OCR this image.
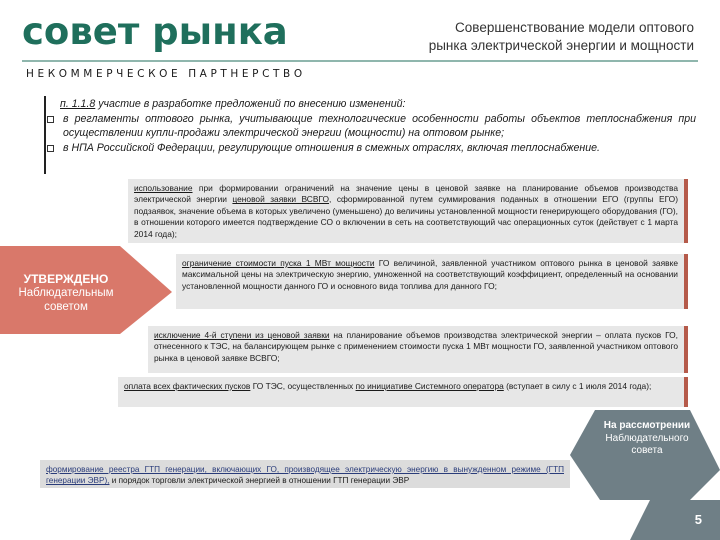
совет рынка
НЕКОММЕРЧЕСКОЕ ПАРТНЕРСТВО
Совершенствование модели оптового
рынка электрической энергии и мощности
п. 1.1.8 участие в разработке предложений по внесению изменений:
в регламенты оптового рынка, учитывающие технологические особенности работы объектов теплоснабжения при осуществлении купли-продажи электрической энергии (мощности) на оптовом рынке;
в НПА Российской Федерации, регулирующие отношения в смежных отраслях, включая теплоснабжение.
УТВЕРЖДЕНО
Наблюдательным
советом
использование при формировании ограничений на значение цены в ценовой заявке на планирование объемов производства электрической энергии ценовой заявки ВСВГО, сформированной путем суммирования поданных в отношении ЕГО (группы ЕГО) подзаявок, значение объема в которых увеличено (уменьшено) до величины установленной мощности генерирующего оборудования (ГО), в отношении которого имеется подтверждение СО о включении в сеть на соответствующий час операционных суток (действует с 1 марта 2014 года);
ограничение стоимости пуска 1 МВт мощности ГО величиной, заявленной участником оптового рынка в ценовой заявке максимальной цены на электрическую энергию, умноженной на соответствующий коэффициент, определенный на основании установленной мощности данного ГО и основного вида топлива для данного ГО;
исключение 4-й ступени из ценовой заявки на планирование объемов производства электрической энергии – оплата пусков ГО, отнесенного к ТЭС, на балансирующем рынке с применением стоимости пуска 1 МВт мощности ГО, заявленной участником оптового рынка в ценовой заявке ВСВГО;
оплата всех фактических пусков ГО ТЭС, осуществленных по инициативе Системного оператора (вступает в силу с 1 июля 2014 года);
формирование реестра ГТП генерации, включающих ГО, производящее электрическую энергию в вынужденном режиме (ГТП генерации ЭВР), и порядок торговли электрической энергией в отношении ГТП генерации ЭВР
На рассмотрении
Наблюдательного
совета
5
